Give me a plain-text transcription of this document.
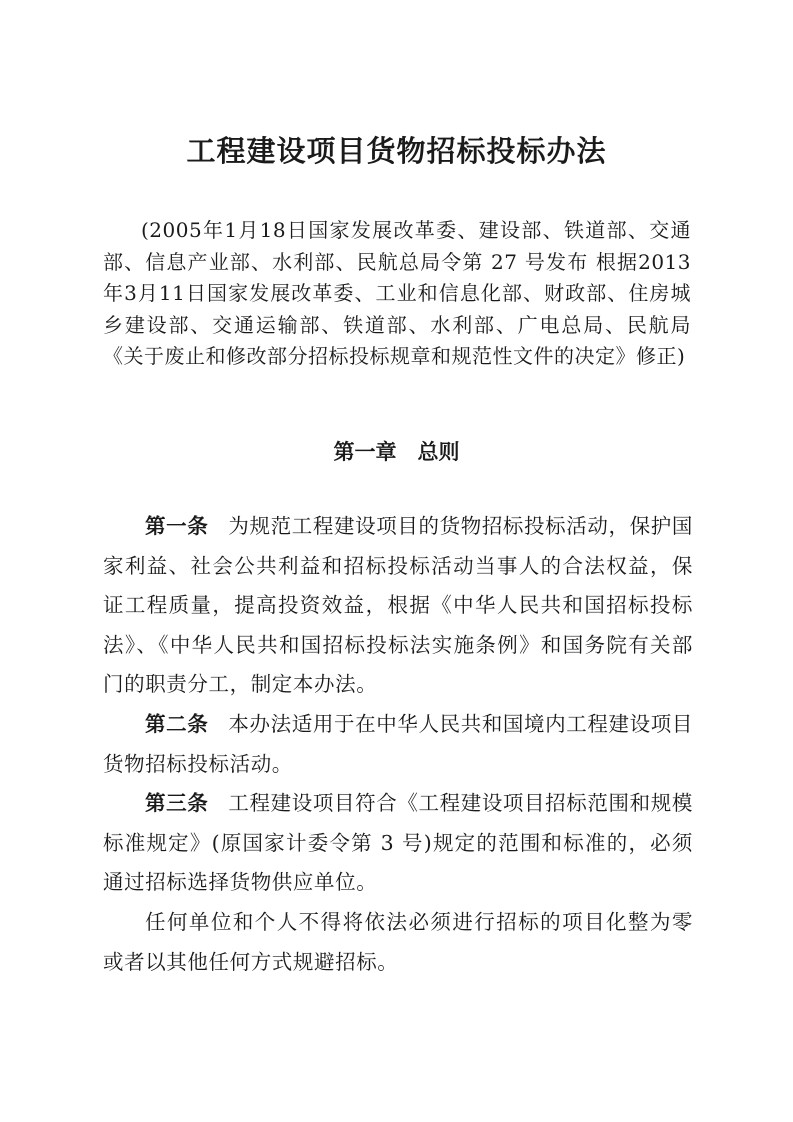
工程建设项目货物招标投标办法

(2005年1月18日国家发展改革委、建设部、铁道部、交通部、信息产业部、水利部、民航总局令第 27 号发布 根据2013年3月11日国家发展改革委、工业和信息化部、财政部、住房城乡建设部、交通运输部、铁道部、水利部、广电总局、民航局《关于废止和修改部分招标投标规章和规范性文件的决定》修正)

第一章　总则

第一条 为规范工程建设项目的货物招标投标活动，保护国家利益、社会公共利益和招标投标活动当事人的合法权益，保证工程质量，提高投资效益，根据《中华人民共和国招标投标法》、《中华人民共和国招标投标法实施条例》和国务院有关部门的职责分工，制定本办法。

第二条 本办法适用于在中华人民共和国境内工程建设项目货物招标投标活动。

第三条 工程建设项目符合《工程建设项目招标范围和规模标准规定》(原国家计委令第 3 号)规定的范围和标准的，必须通过招标选择货物供应单位。

任何单位和个人不得将依法必须进行招标的项目化整为零或者以其他任何方式规避招标。
